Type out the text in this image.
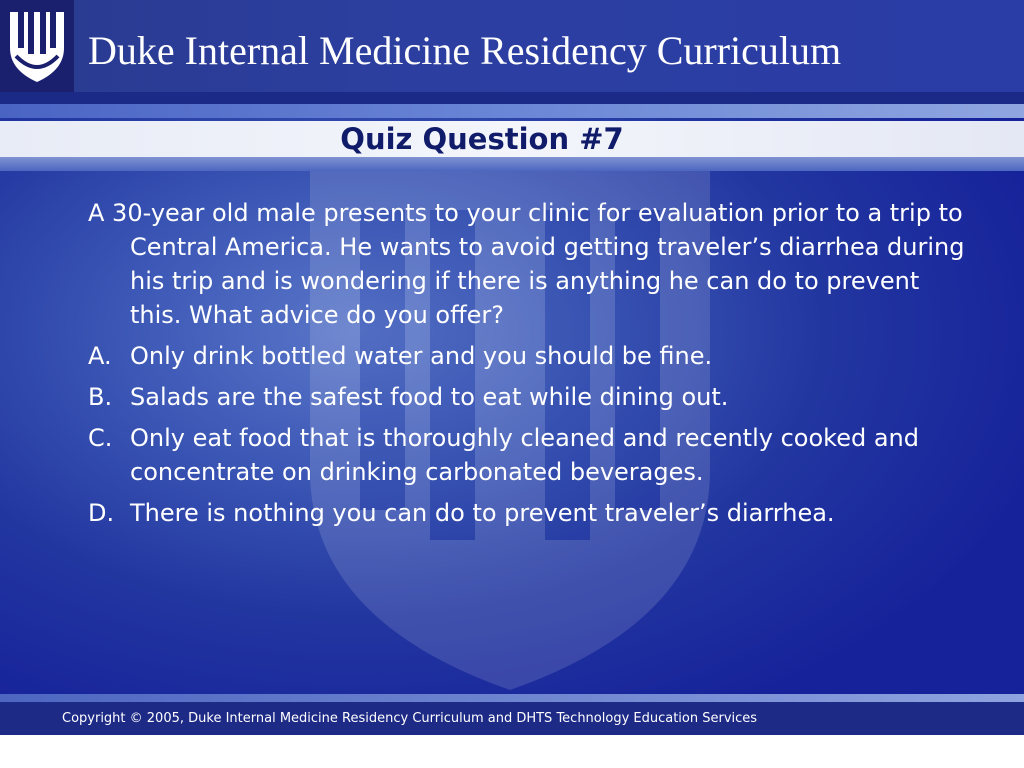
Duke Internal Medicine Residency Curriculum
Quiz Question #7
A 30-year old male presents to your clinic for evaluation prior to a trip to Central America. He wants to avoid getting traveler’s diarrhea during his trip and is wondering if there is anything he can do to prevent this. What advice do you offer?
A. Only drink bottled water and you should be fine.
B. Salads are the safest food to eat while dining out.
C. Only eat food that is thoroughly cleaned and recently cooked and concentrate on drinking carbonated beverages.
D. There is nothing you can do to prevent traveler’s diarrhea.
Copyright © 2005, Duke Internal Medicine Residency Curriculum and DHTS Technology Education Services
